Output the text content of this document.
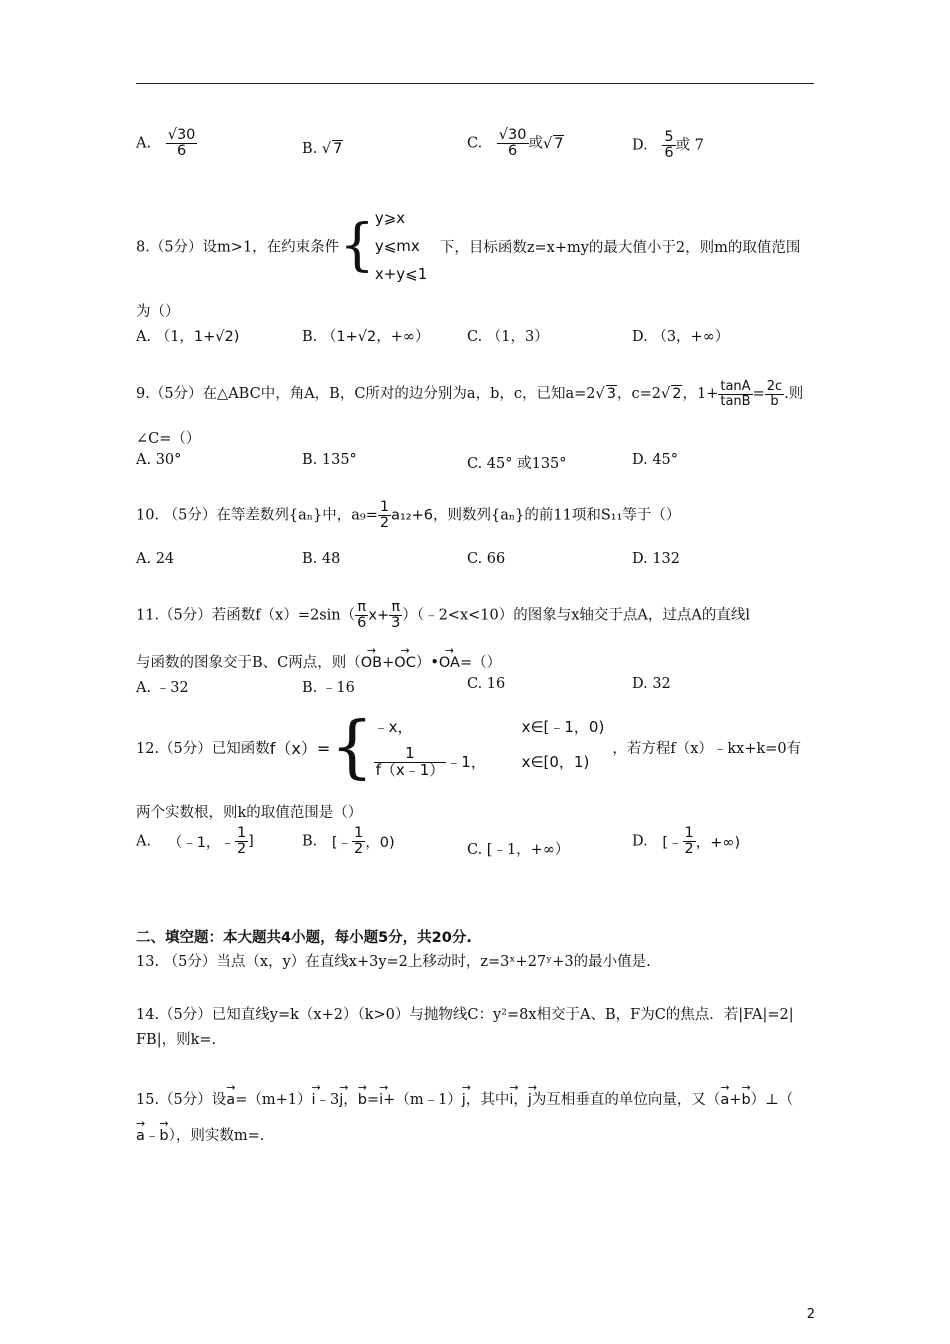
A. $\frac{√30}{6}$	B. √ 7	C. $\frac{√30}{6}$ 或√ 7	D. $\frac{5}{6}$ 或 7
8.（5分）设m>1，在约束条件{ y⩾x
y⩽mx
x+y⩽1
下，目标函数z=x+my的最大值小于2，则m的取值范围
为（）
A. （1，1+√2)	B. （1+√2，+∞）	C. （1，3）	D. （3，+∞）
9.（5分）在△ABC中，角A，B，C所对的边分别为a，b，c，已知a=2√ 3，c=2√ 2，$1+ \frac{\tan A}{\tan B} = \frac{2c}{b}$ .则
∠C=（）
A. 30°	B. 135°	C. 45° 或135°	D. 45°
10. （5分）在等差数列{aₙ}中，$a_9= \frac{1}{2} a_{12}+6$，则数列{aₙ}的前11项和S₁₁等于（）
A. 24	B. 48	C. 66	D. 132
11.（5分）若函数$f(x)=2\sin( \frac{\pi}{6} x+ \frac{\pi}{3}$ ）（﹣2<x<10）的图象与x轴交于点A，过点A的直线l
与函数的图象交于B、C两点，则（→ OB+→ OC）•→ OA=（）
A. ﹣32	B. ﹣16	C. 16	D. 32
12.（5分）已知函数f（x）={ ﹣x，	x∈[﹣1，0)
$\frac{1}{f(x﹣1)}$ ﹣1， x∈[0，1)
，若方程f（x）﹣kx+k=0有
两个实数根，则k的取值范围是（）
A. （﹣1，﹣ $\frac{1}{2}$ ]	B. [﹣ $\frac{1}{2}$ ，0)	C. [﹣1，+∞）
D. [﹣ $\frac{1}{2}$ ，+∞)
二、填空题：本大题共4小题，每小题5分，共20分.
13. （5分）当点（x，y）在直线x+3y=2上移动时，z=3ˣ+27ʸ+3的最小值是.
14.（5分）已知直线y=k（x+2）（k>0）与抛物线C：y²=8x相交于A、B，F为C的焦点．若|FA|=2|
FB|，则k=.
15.（5分）设→ a=（m+1）→ i﹣3→ j，→ b=→ i+（m﹣1）→ j，其中→ i，→ j为互相垂直的单位向量，又（→ a+→ b）⊥（
→ a﹣→ b），则实数m=.
2
